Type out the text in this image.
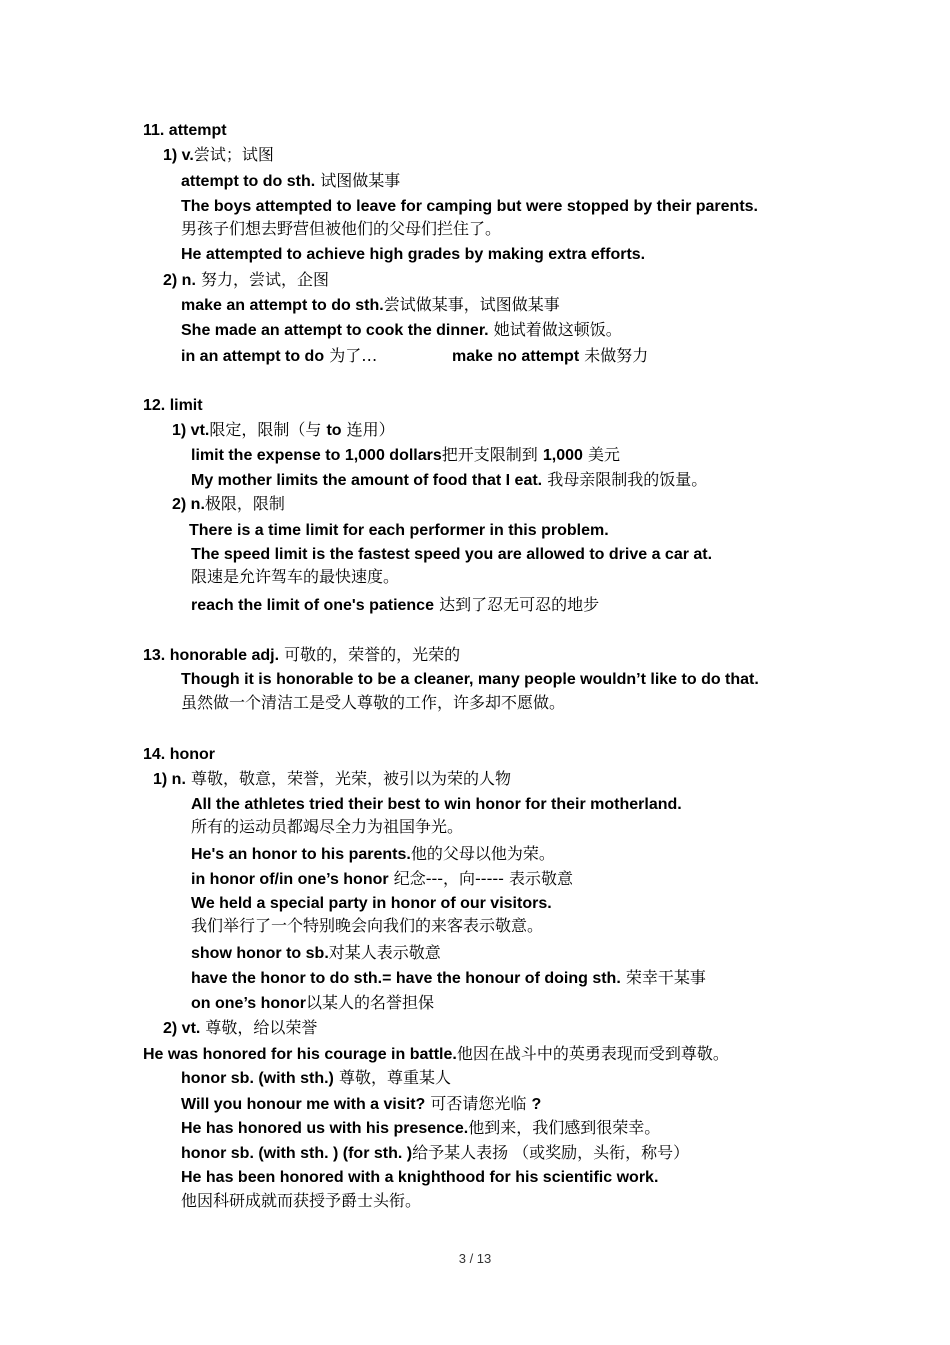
11. attempt
1) v.尝试；试图
attempt to do sth. 试图做某事
The boys attempted to leave for camping but were stopped by their parents.
男孩子们想去野营但被他们的父母们拦住了。
He attempted to achieve high grades by making extra efforts.
2) n. 努力，尝试，企图
make an attempt to do sth.尝试做某事，试图做某事
She made an attempt to cook the dinner. 她试着做这顿饭。
in an attempt to do 为了…	make no attempt 未做努力
12. limit
1) vt.限定，限制（与 to 连用）
limit the expense to 1,000 dollars把开支限制到 1,000 美元
My mother limits the amount of food that I eat. 我母亲限制我的饭量。
2) n.极限，限制
There is a time limit for each performer in this problem.
The speed limit is the fastest speed you are allowed to drive a car at.
限速是允许驾车的最快速度。
reach the limit of one's patience 达到了忍无可忍的地步
13. honorable adj. 可敬的，荣誉的，光荣的
Though it is honorable to be a cleaner, many people wouldn’t like to do that.
虽然做一个清洁工是受人尊敬的工作，许多却不愿做。
14. honor
1) n. 尊敬，敬意，荣誉，光荣，被引以为荣的人物
All the athletes tried their best to win honor for their motherland.
所有的运动员都竭尽全力为祖国争光。
He's an honor to his parents.他的父母以他为荣。
in honor of/in one’s honor 纪念---，向----- 表示敬意
We held a special party in honor of our visitors.
我们举行了一个特别晚会向我们的来客表示敬意。
show honor to sb.对某人表示敬意
have the honor to do sth.= have the honour of doing sth. 荣幸干某事
on one’s honor以某人的名誉担保
2) vt. 尊敬，给以荣誉
He was honored for his courage in battle.他因在战斗中的英勇表现而受到尊敬。
honor sb. (with sth.) 尊敬，尊重某人
Will you honour me with a visit? 可否请您光临 ?
He has honored us with his presence.他到来，我们感到很荣幸。
honor sb. (with sth. ) (for sth. )给予某人表扬 （或奖励，头衔，称号）
He has been honored with a knighthood for his scientific work.
他因科研成就而获授予爵士头衔。
3 / 13
